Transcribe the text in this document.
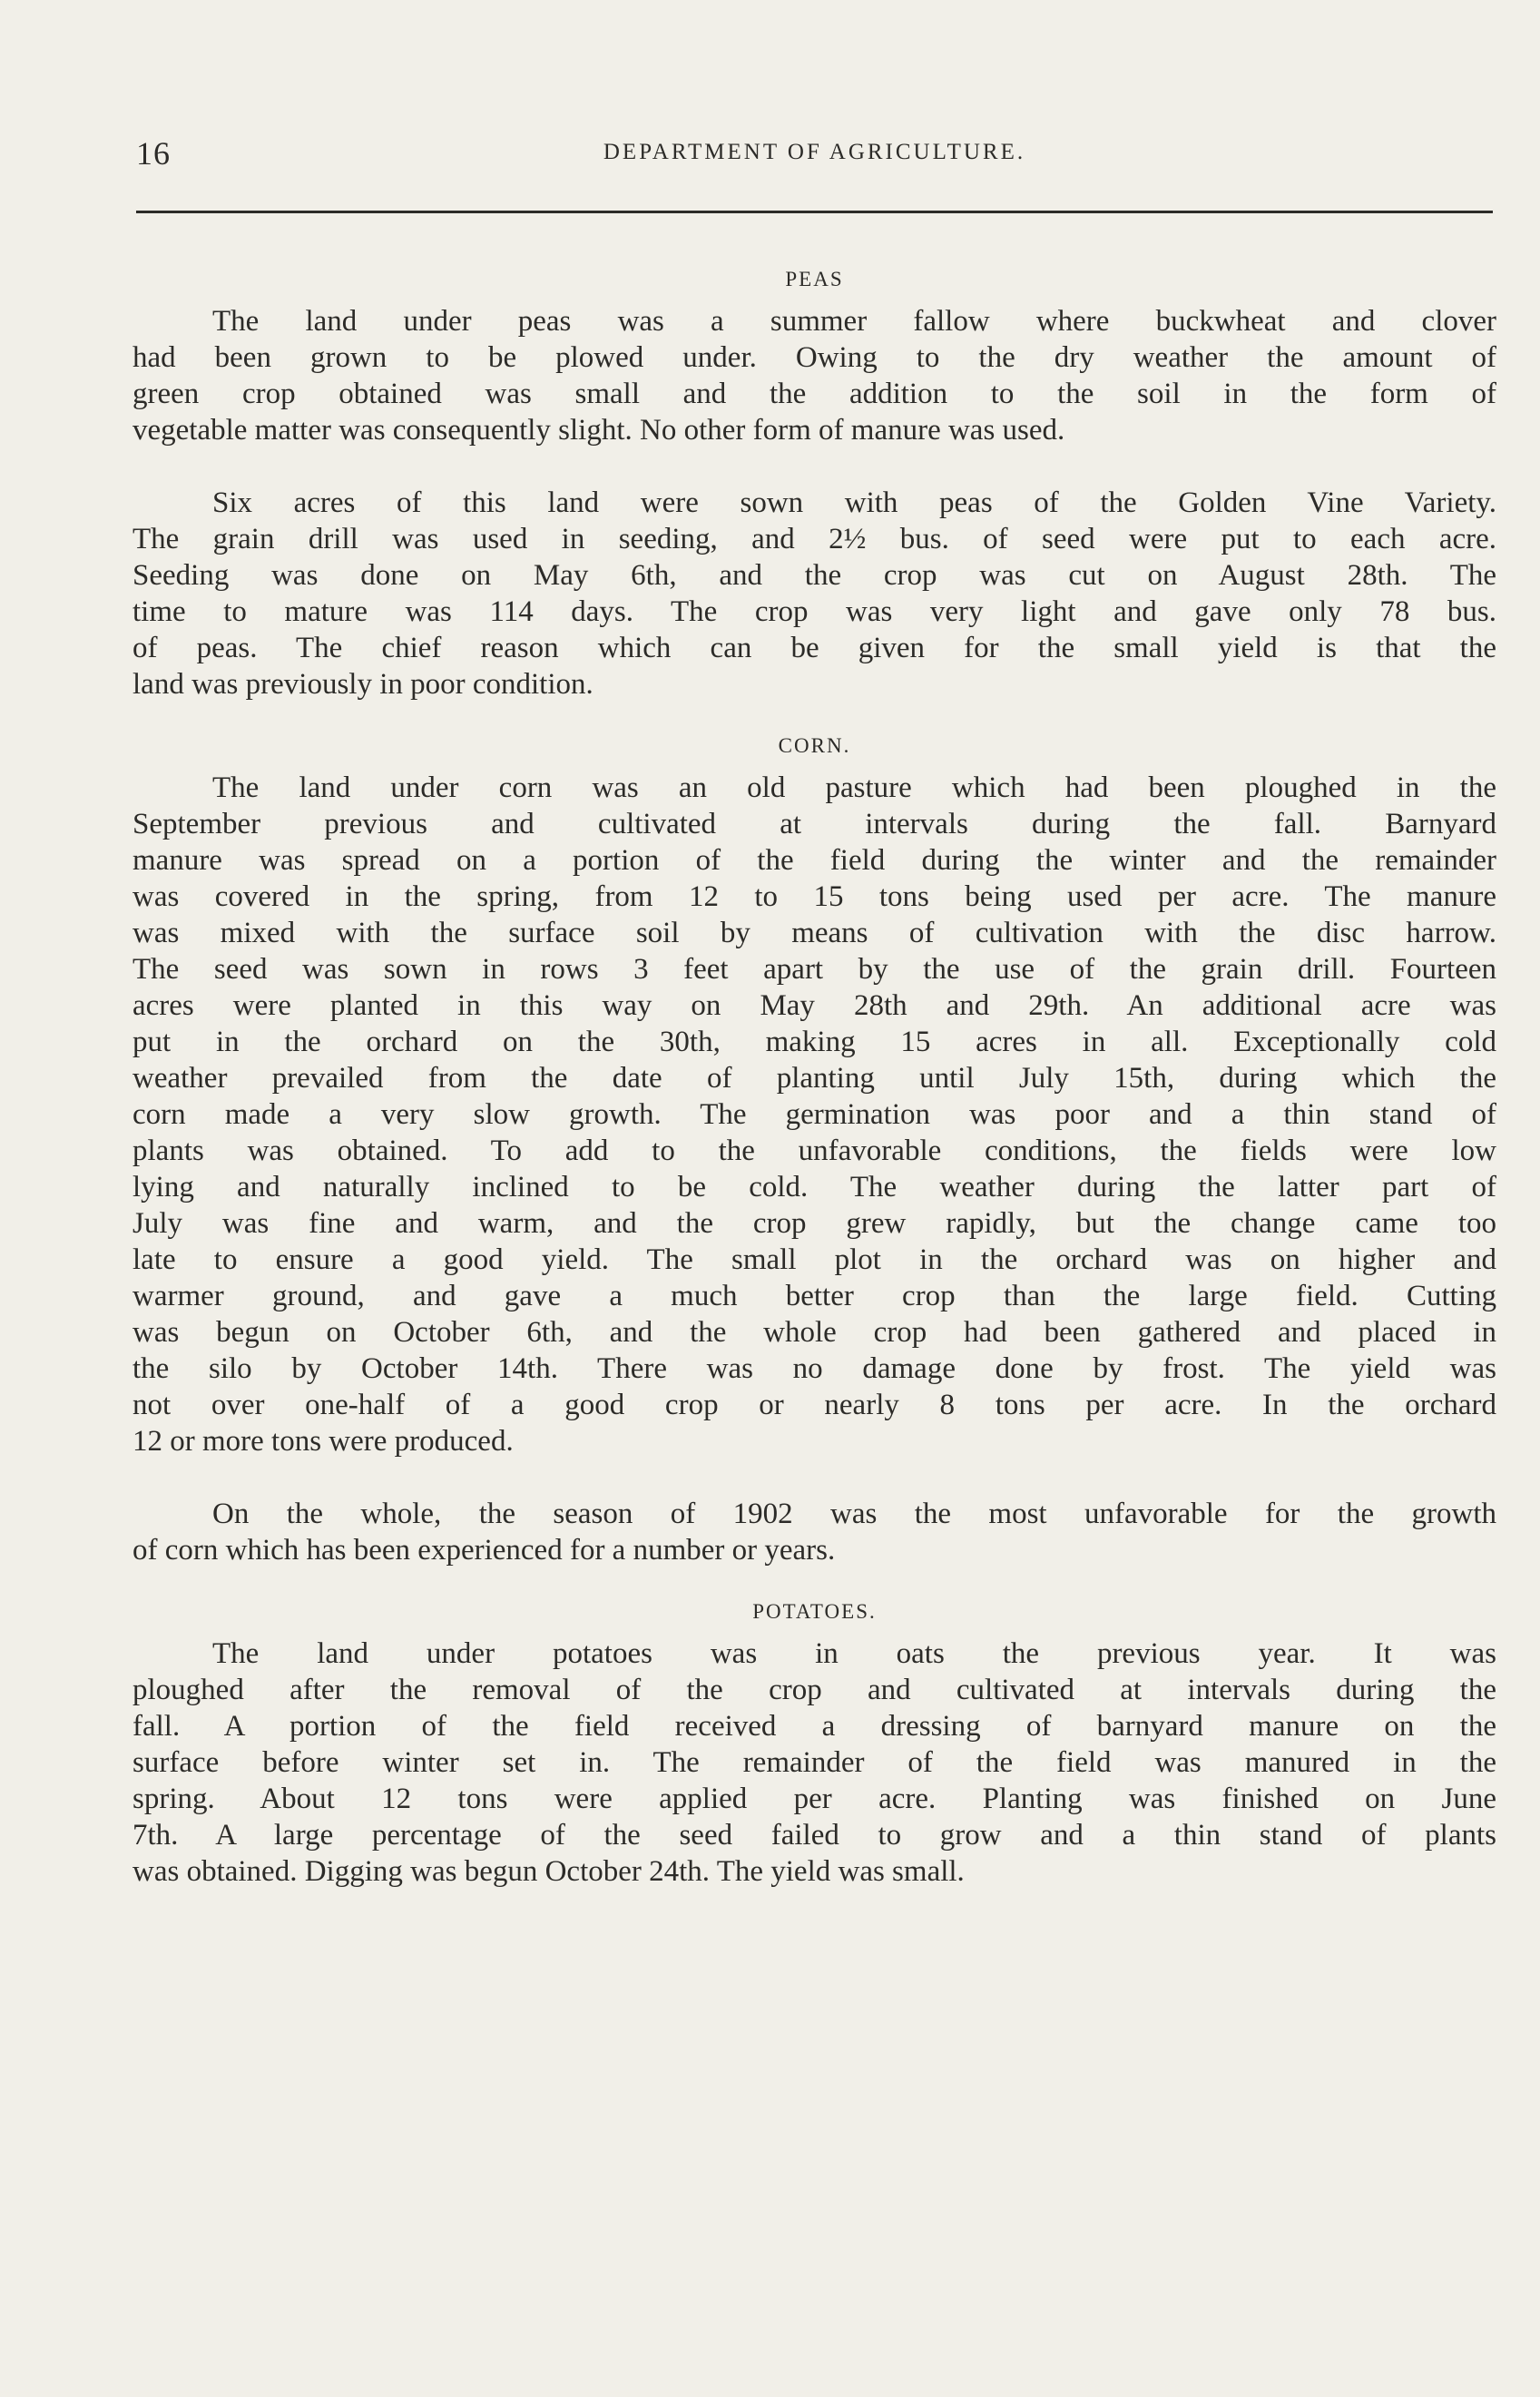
16	DEPARTMENT OF AGRICULTURE.
PEAS
The land under peas was a summer fallow where buckwheat and clover
had been grown to be plowed under. Owing to the dry weather the amount of
green crop obtained was small and the addition to the soil in the form of
vegetable matter was consequently slight. No other form of manure was used.
Six acres of this land were sown with peas of the Golden Vine Variety.
The grain drill was used in seeding, and 2½ bus. of seed were put to each acre.
Seeding was done on May 6th, and the crop was cut on August 28th. The
time to mature was 114 days. The crop was very light and gave only 78 bus.
of peas. The chief reason which can be given for the small yield is that the
land was previously in poor condition.
CORN.
The land under corn was an old pasture which had been ploughed in the
September previous and cultivated at intervals during the fall. Barnyard
manure was spread on a portion of the field during the winter and the remainder
was covered in the spring, from 12 to 15 tons being used per acre. The manure
was mixed with the surface soil by means of cultivation with the disc harrow.
The seed was sown in rows 3 feet apart by the use of the grain drill. Fourteen
acres were planted in this way on May 28th and 29th. An additional acre was
put in the orchard on the 30th, making 15 acres in all. Exceptionally cold
weather prevailed from the date of planting until July 15th, during which the
corn made a very slow growth. The germination was poor and a thin stand of
plants was obtained. To add to the unfavorable conditions, the fields were low
lying and naturally inclined to be cold. The weather during the latter part of
July was fine and warm, and the crop grew rapidly, but the change came too
late to ensure a good yield. The small plot in the orchard was on higher and
warmer ground, and gave a much better crop than the large field. Cutting
was begun on October 6th, and the whole crop had been gathered and placed in
the silo by October 14th. There was no damage done by frost. The yield was
not over one-half of a good crop or nearly 8 tons per acre. In the orchard
12 or more tons were produced.
On the whole, the season of 1902 was the most unfavorable for the growth
of corn which has been experienced for a number or years.
POTATOES.
The land under potatoes was in oats the previous year. It was
ploughed after the removal of the crop and cultivated at intervals during the
fall. A portion of the field received a dressing of barnyard manure on the
surface before winter set in. The remainder of the field was manured in the
spring. About 12 tons were applied per acre. Planting was finished on June
7th. A large percentage of the seed failed to grow and a thin stand of plants
was obtained. Digging was begun October 24th. The yield was small.
